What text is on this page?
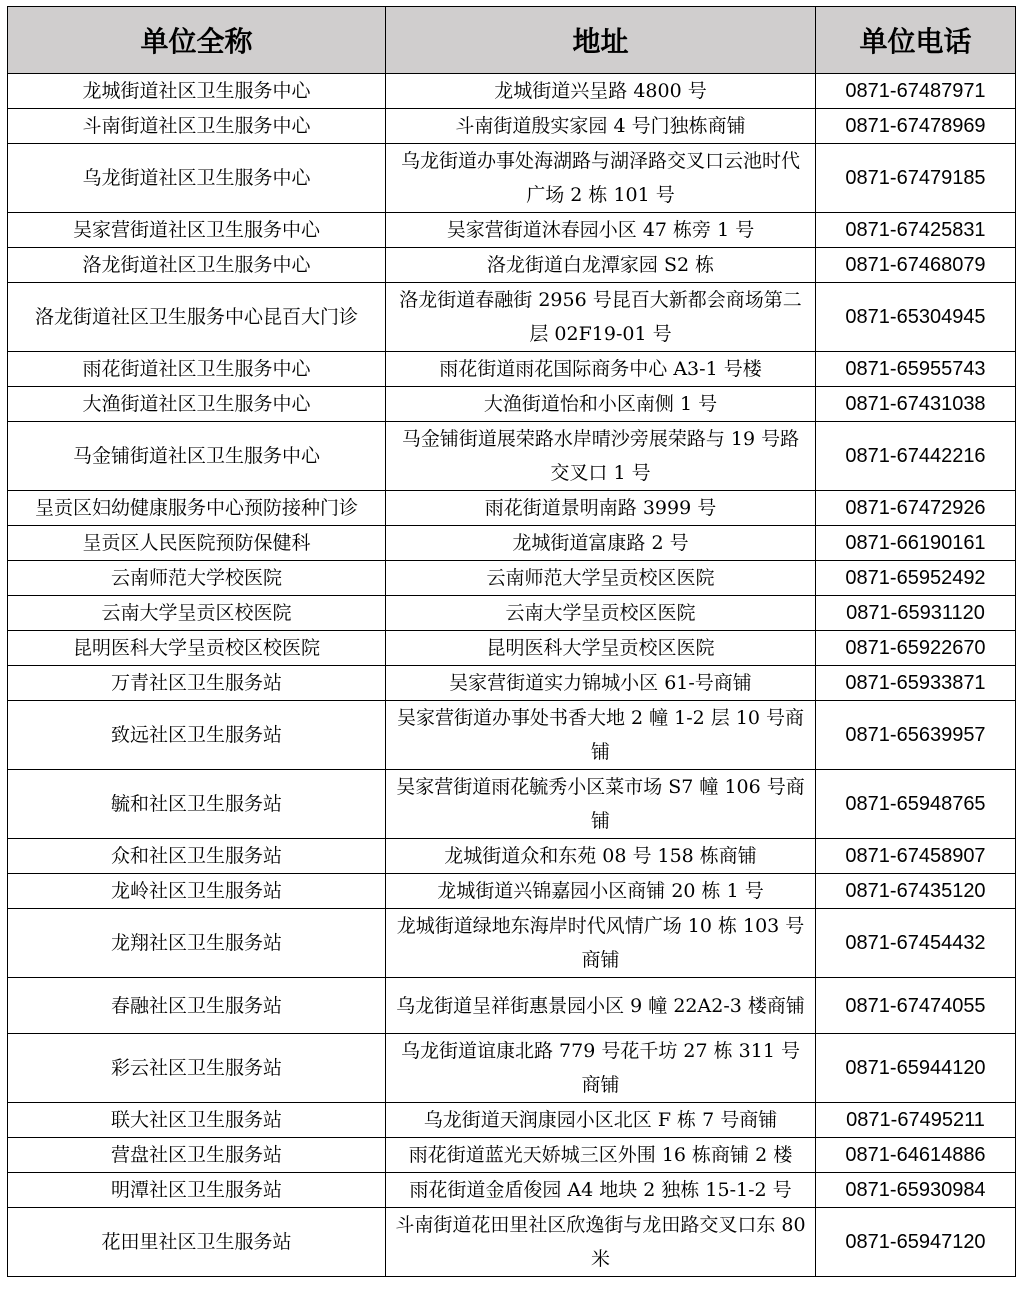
单位全称	地址	单位电话
龙城街道社区卫生服务中心	龙城街道兴呈路 4800 号	0871-67487971
斗南街道社区卫生服务中心	斗南街道殷实家园 4 号门独栋商铺	0871-67478969
乌龙街道社区卫生服务中心	乌龙街道办事处海湖路与湖泽路交叉口云池时代广场 2 栋 101 号	0871-67479185
吴家营街道社区卫生服务中心	吴家营街道沐春园小区 47 栋旁 1 号	0871-67425831
洛龙街道社区卫生服务中心	洛龙街道白龙潭家园 S2 栋	0871-67468079
洛龙街道社区卫生服务中心昆百大门诊	洛龙街道春融街 2956 号昆百大新都会商场第二层 02F19-01 号	0871-65304945
雨花街道社区卫生服务中心	雨花街道雨花国际商务中心 A3-1 号楼	0871-65955743
大渔街道社区卫生服务中心	大渔街道怡和小区南侧 1 号	0871-67431038
马金铺街道社区卫生服务中心	马金铺街道展荣路水岸晴沙旁展荣路与 19 号路交叉口 1 号	0871-67442216
呈贡区妇幼健康服务中心预防接种门诊	雨花街道景明南路 3999 号	0871-67472926
呈贡区人民医院预防保健科	龙城街道富康路 2 号	0871-66190161
云南师范大学校医院	云南师范大学呈贡校区医院	0871-65952492
云南大学呈贡区校医院	云南大学呈贡校区医院	0871-65931120
昆明医科大学呈贡校区校医院	昆明医科大学呈贡校区医院	0871-65922670
万青社区卫生服务站	吴家营街道实力锦城小区 61-号商铺	0871-65933871
致远社区卫生服务站	吴家营街道办事处书香大地 2 幢 1-2 层 10 号商铺	0871-65639957
毓和社区卫生服务站	吴家营街道雨花毓秀小区菜市场 S7 幢 106 号商铺	0871-65948765
众和社区卫生服务站	龙城街道众和东苑 08 号 158 栋商铺	0871-67458907
龙岭社区卫生服务站	龙城街道兴锦嘉园小区商铺 20 栋 1 号	0871-67435120
龙翔社区卫生服务站	龙城街道绿地东海岸时代风情广场 10 栋 103 号商铺	0871-67454432
春融社区卫生服务站	乌龙街道呈祥街惠景园小区 9 幢 22A2-3 楼商铺	0871-67474055
彩云社区卫生服务站	乌龙街道谊康北路 779 号花千坊 27 栋 311 号商铺	0871-65944120
联大社区卫生服务站	乌龙街道天润康园小区北区 F 栋 7 号商铺	0871-67495211
营盘社区卫生服务站	雨花街道蓝光天娇城三区外围 16 栋商铺 2 楼	0871-64614886
明潭社区卫生服务站	雨花街道金盾俊园 A4 地块 2 独栋 15-1-2 号	0871-65930984
花田里社区卫生服务站	斗南街道花田里社区欣逸街与龙田路交叉口东 80 米	0871-65947120
